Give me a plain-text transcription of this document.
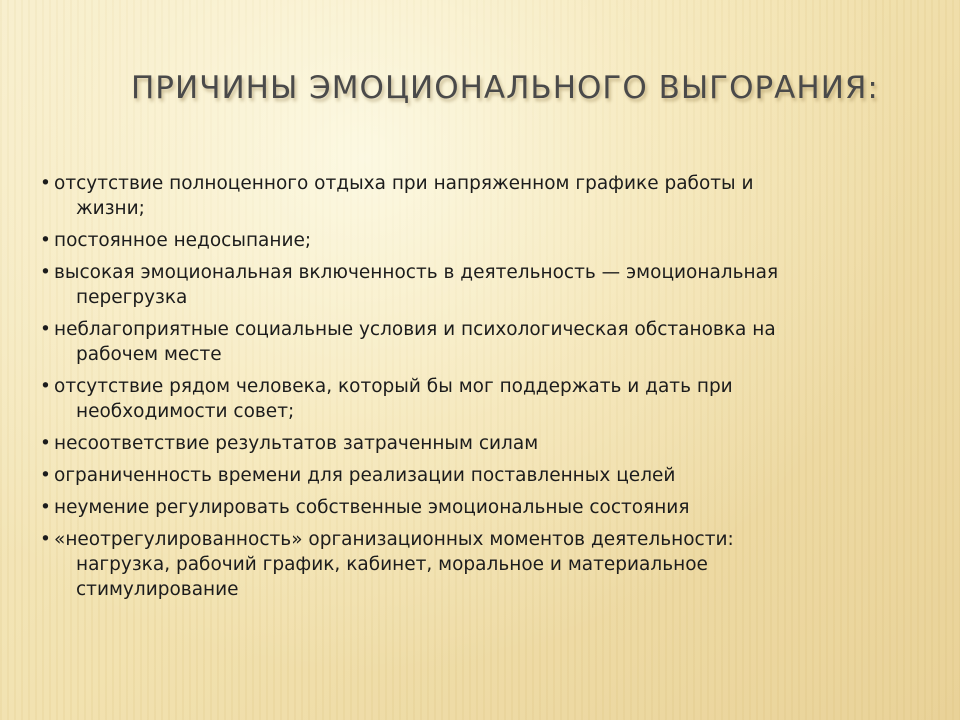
ПРИЧИНЫ ЭМОЦИОНАЛЬНОГО ВЫГОРАНИЯ:
• отсутствие полноценного отдыха при напряженном графике работы и
жизни;
• постоянное недосыпание;
• высокая эмоциональная включенность в деятельность — эмоциональная
перегрузка
• неблагоприятные социальные условия и психологическая обстановка на
рабочем месте
• отсутствие рядом человека, который бы мог поддержать и дать при
необходимости совет;
• несоответствие результатов затраченным силам
• ограниченность времени для реализации поставленных целей
• неумение регулировать собственные эмоциональные состояния
• «неотрегулированность» организационных моментов деятельности:
нагрузка, рабочий график, кабинет, моральное и материальное
стимулирование
